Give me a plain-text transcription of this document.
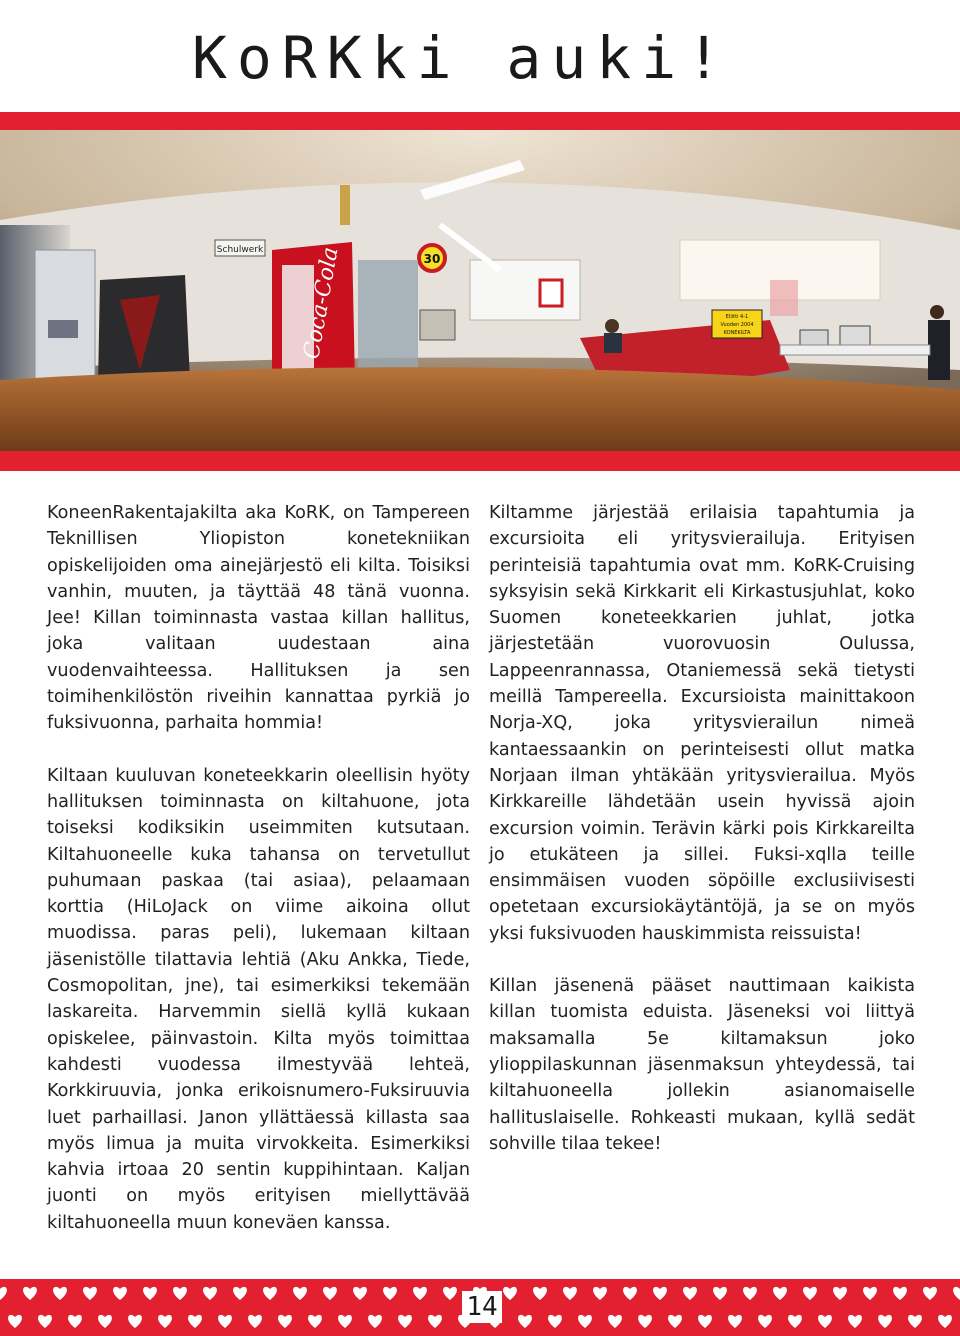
KoRKki auki!
Schulwerk
30
Coca-Cola	Eliitti 4-1
Vuoden 2004
KONEKILTA

KoneenRakentajakilta aka KoRK, on Tampereen Teknillisen Yliopiston konetekniikan opiskelijoiden oma ainejärjestö eli kilta. Toisiksi vanhin, muuten, ja täyttää 48 tänä vuonna. Jee! Killan toiminnasta vastaa killan hallitus, joka valitaan uudestaan aina vuodenvaihteessa. Hallituksen ja sen toimihenkilöstön riveihin kannattaa pyrkiä jo fuksivuonna, parhaita hommia!

Kiltaan kuuluvan koneteekkarin oleellisin hyöty hallituksen toiminnasta on kiltahuone, jota toiseksi kodiksikin useimmiten kutsutaan. Kiltahuoneelle kuka tahansa on tervetullut puhumaan paskaa (tai asiaa), pelaamaan korttia (HiLoJack on viime aikoina ollut muodissa. paras peli), lukemaan kiltaan jäsenistölle tilattavia lehtiä (Aku Ankka, Tiede, Cosmopolitan, jne), tai esimerkiksi tekemään laskareita. Harvemmin siellä kyllä kukaan opiskelee, päinvastoin. Kilta myös toimittaa kahdesti vuodessa ilmestyvää lehteä, Korkkiruuvia, jonka erikoisnumero-Fuksiruuvia luet parhaillasi. Janon yllättäessä killasta saa myös limua ja muita virvokkeita. Esimerkiksi kahvia irtoaa 20 sentin kuppihintaan. Kaljan juonti on myös erityisen miellyttävää kiltahuoneella muun koneväen kanssa.

Kiltamme järjestää erilaisia tapahtumia ja excursioita eli yritysvierailuja. Erityisen perinteisiä tapahtumia ovat mm. KoRK-Cruising syksyisin sekä Kirkkarit eli Kirkastusjuhlat, koko Suomen koneteekkarien juhlat, jotka järjestetään vuorovuosin Oulussa, Lappeenrannassa, Otaniemessä sekä tietysti meillä Tampereella. Excursioista mainittakoon Norja-XQ, joka yritysvierailun nimeä kantaessaankin on perinteisesti ollut matka Norjaan ilman yhtäkään yritysvierailua. Myös Kirkkareille lähdetään usein hyvissä ajoin excursion voimin. Terävin kärki pois Kirkkareilta jo etukäteen ja sillei. Fuksi-xqlla teille ensimmäisen vuoden söpöille exclusiivisesti opetetaan excursiokäytäntöjä, ja se on myös yksi fuksivuoden hauskimmista reissuista!

Killan jäsenenä pääset nauttimaan kaikista killan tuomista eduista. Jäseneksi voi liittyä maksamalla 5e kiltamaksun joko ylioppilaskunnan jäsenmaksun yhteydessä, tai kiltahuoneella jollekin asianomaiselle hallituslaiselle. Rohkeasti mukaan, kyllä sedät sohville tilaa tekee!

14
